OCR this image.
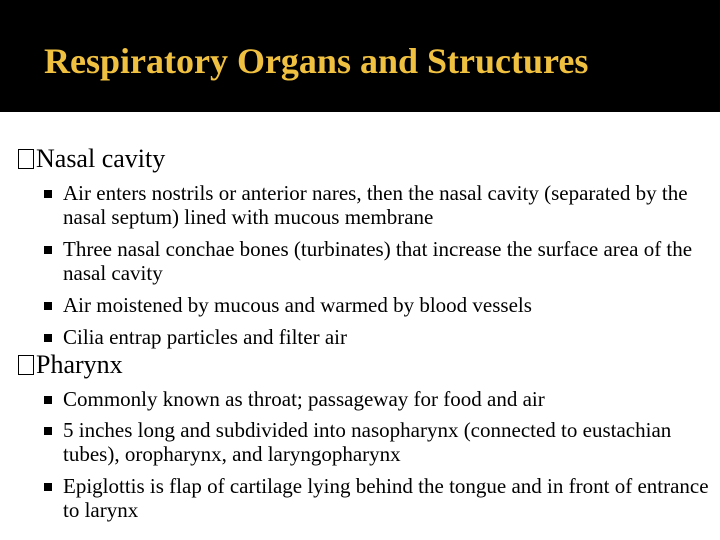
Respiratory Organs and Structures
Nasal cavity
Air enters nostrils or anterior nares, then the nasal cavity (separated by the nasal septum) lined with mucous membrane
Three nasal conchae bones (turbinates) that increase the surface area of the nasal cavity
Air moistened by mucous and warmed by blood vessels
Cilia entrap particles and filter air
Pharynx
Commonly known as throat; passageway for food and air
5 inches long and subdivided into nasopharynx (connected to eustachian tubes), oropharynx, and laryngopharynx
Epiglottis is flap of cartilage lying behind the tongue and in front of entrance to larynx
